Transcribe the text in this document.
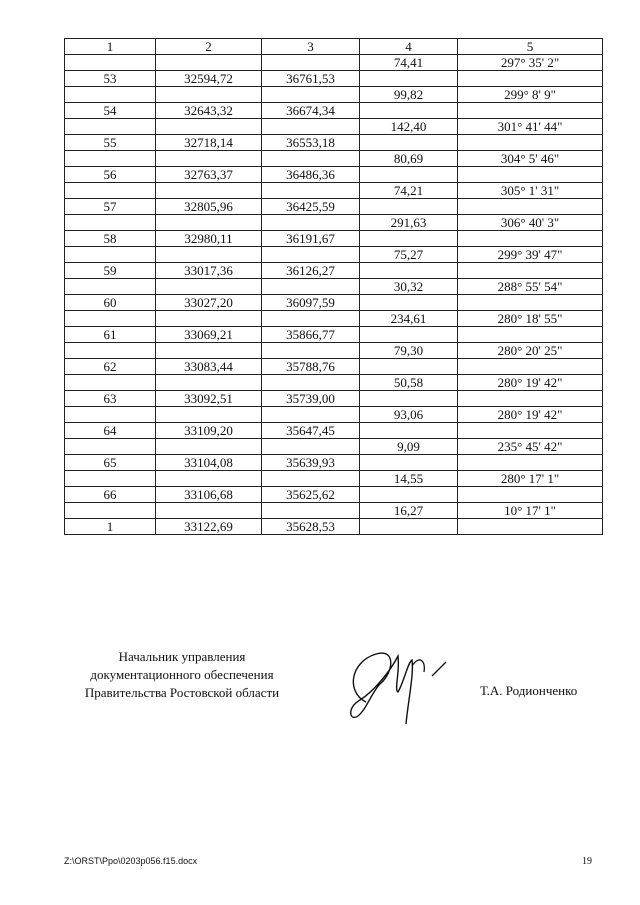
1	2	3	4	5
			74,41	297° 35' 2"
53	32594,72	36761,53		
			99,82	299° 8' 9"
54	32643,32	36674,34		
			142,40	301° 41' 44"
55	32718,14	36553,18		
			80,69	304° 5' 46"
56	32763,37	36486,36		
			74,21	305° 1' 31"
57	32805,96	36425,59		
			291,63	306° 40' 3"
58	32980,11	36191,67		
			75,27	299° 39' 47"
59	33017,36	36126,27		
			30,32	288° 55' 54"
60	33027,20	36097,59		
			234,61	280° 18' 55"
61	33069,21	35866,77		
			79,30	280° 20' 25"
62	33083,44	35788,76		
			50,58	280° 19' 42"
63	33092,51	35739,00		
			93,06	280° 19' 42"
64	33109,20	35647,45		
			9,09	235° 45' 42"
65	33104,08	35639,93		
			14,55	280° 17' 1"
66	33106,68	35625,62		
			16,27	10° 17' 1"
1	33122,69	35628,53		
Начальник управления
документационного обеспечения
Правительства Ростовской области	Т.А. Родионченко
Z:\ORST\Ppo\0203p056.f15.docx	19
